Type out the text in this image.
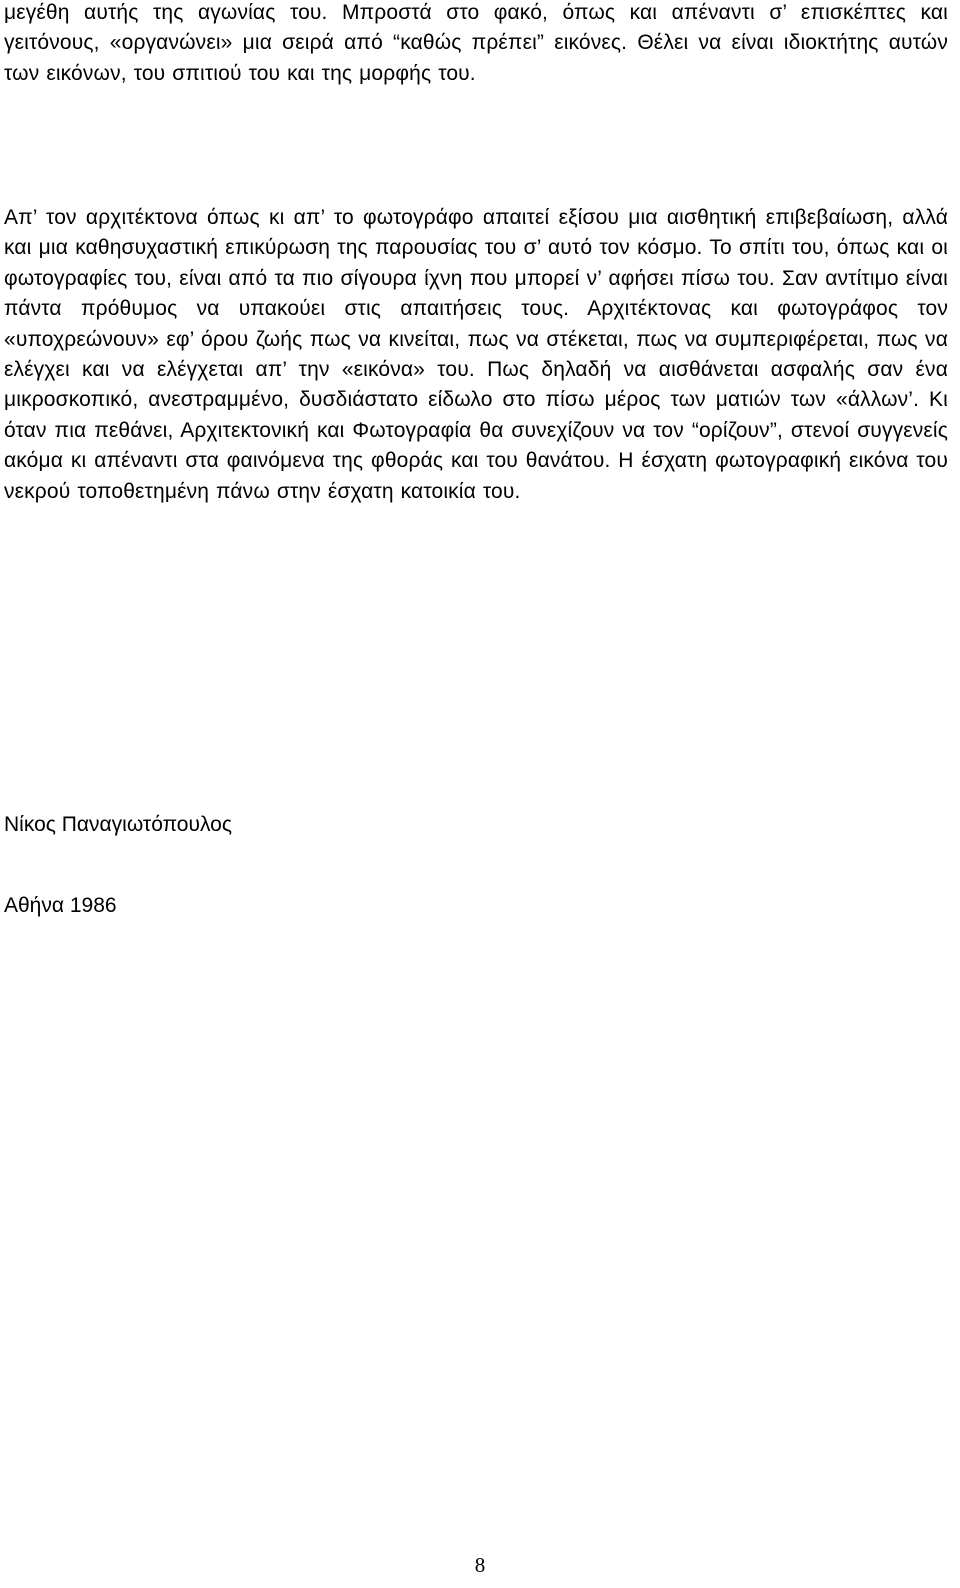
μεγέθη αυτής της αγωνίας του. Μπροστά στο φακό, όπως και απέναντι σ’ επισκέπτες και γειτόνους, «οργανώνει» μια σειρά από “καθώς πρέπει” εικόνες. Θέλει να είναι ιδιοκτήτης αυτών των εικόνων, του σπιτιού του και της μορφής του.

Απ’ τον αρχιτέκτονα όπως κι απ’ το φωτογράφο απαιτεί εξίσου μια αισθητική επιβεβαίωση, αλλά και μια καθησυχαστική επικύρωση της παρουσίας του σ’ αυτό τον κόσμο. Το σπίτι του, όπως και οι φωτογραφίες του, είναι από τα πιο σίγουρα ίχνη που μπορεί ν’ αφήσει πίσω του. Σαν αντίτιμο είναι πάντα πρόθυμος να υπακούει στις απαιτήσεις τους. Αρχιτέκτονας και φωτογράφος τον «υποχρεώνουν» εφ’ όρου ζωής πως να κινείται, πως να στέκεται, πως να συμπεριφέρεται, πως να ελέγχει και να ελέγχεται απ’ την «εικόνα» του. Πως δηλαδή να αισθάνεται ασφαλής σαν ένα μικροσκοπικό, ανεστραμμένο, δυσδιάστατο είδωλο στο πίσω μέρος των ματιών των «άλλων’. Κι όταν πια πεθάνει, Αρχιτεκτονική και Φωτογραφία θα συνεχίζουν να τον “ορίζουν”, στενοί συγγενείς ακόμα κι απέναντι στα φαινόμενα της φθοράς και του θανάτου. Η έσχατη φωτογραφική εικόνα του νεκρού τοποθετημένη πάνω στην έσχατη κατοικία του.

Νίκος Παναγιωτόπουλος

Αθήνα 1986

8
